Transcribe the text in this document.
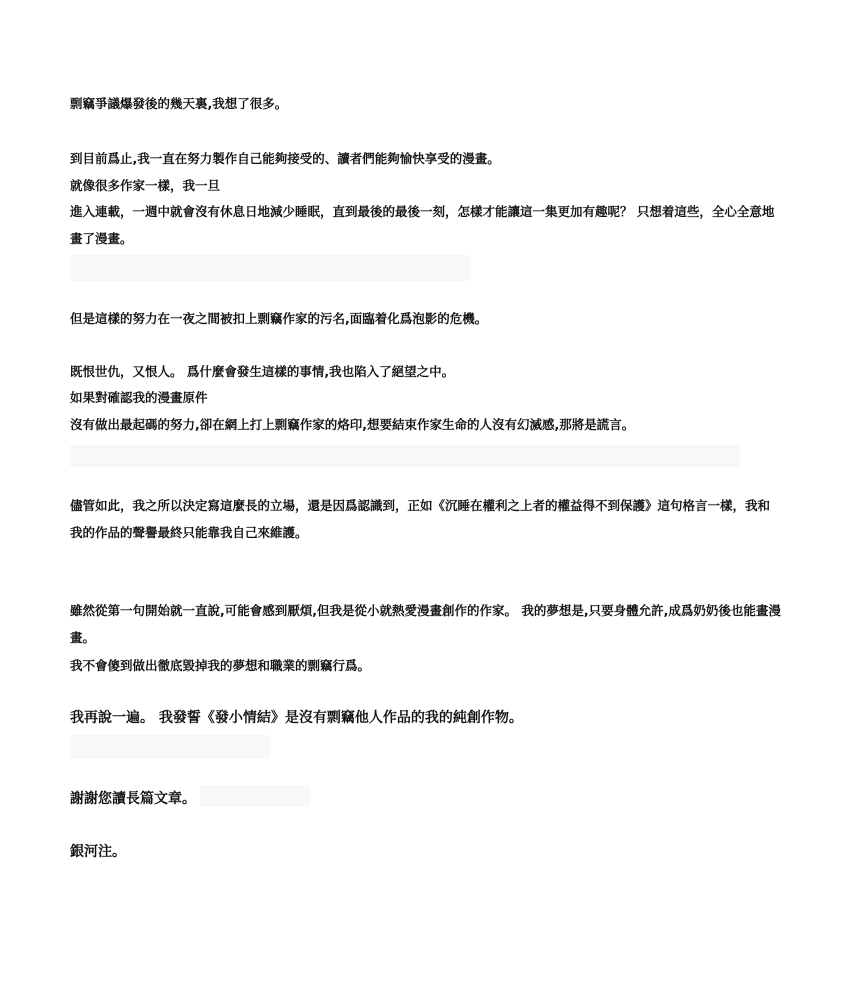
剽竊爭議爆發後的幾天裏,我想了很多。
到目前爲止,我一直在努力製作自己能夠接受的、讀者們能夠愉快享受的漫畫。
就像很多作家一樣，我一旦
進入連載，一週中就會沒有休息日地減少睡眠，直到最後的最後一刻，怎樣才能讓這一集更加有趣呢？ 只想着這些，全心全意地畫了漫畫。
但是這樣的努力在一夜之間被扣上剽竊作家的污名,面臨着化爲泡影的危機。
既恨世仇，又恨人。 爲什麼會發生這樣的事情,我也陷入了絕望之中。
如果對確認我的漫畫原件
沒有做出最起碼的努力,卻在網上打上剽竊作家的烙印,想要結束作家生命的人沒有幻滅感,那將是謊言。
儘管如此，我之所以決定寫這麼長的立場，還是因爲認識到，正如《沉睡在權利之上者的權益得不到保護》這句格言一樣，我和我的作品的聲譽最終只能靠我自己來維護。
雖然從第一句開始就一直說,可能會感到厭煩,但我是從小就熱愛漫畫創作的作家。 我的夢想是,只要身體允許,成爲奶奶後也能畫漫畫。
我不會傻到做出徹底毀掉我的夢想和職業的剽竊行爲。
我再說一遍。 我發誓《發小情結》是沒有剽竊他人作品的我的純創作物。
謝謝您讀長篇文章。
銀河注。
